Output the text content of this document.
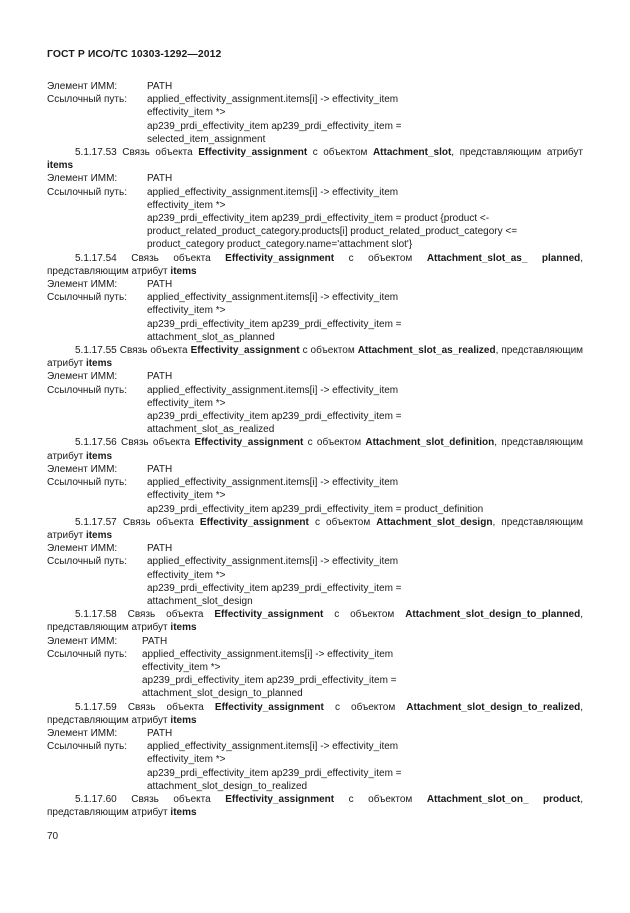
ГОСТ Р ИСО/ТС 10303-1292—2012
Элемент ИММ:	PATH
Ссылочный путь:	applied_effectivity_assignment.items[i] -> effectivity_item
effectivity_item *>
ap239_prdi_effectivity_item ap239_prdi_effectivity_item =
selected_item_assignment

5.1.17.53 Связь объекта Effectivity_assignment с объектом Attachment_slot, представляющим атрибут items

Элемент ИММ:	PATH
Ссылочный путь:	applied_effectivity_assignment.items[i] -> effectivity_item
effectivity_item *>
ap239_prdi_effectivity_item ap239_prdi_effectivity_item = product {product <-
product_related_product_category.products[i] product_related_product_category <=
product_category product_category.name='attachment slot'}

5.1.17.54 Связь объекта Effectivity_assignment с объектом Attachment_slot_as_ planned, представляющим атрибут items

Элемент ИММ:	PATH
Ссылочный путь:	applied_effectivity_assignment.items[i] -> effectivity_item
effectivity_item *>
ap239_prdi_effectivity_item ap239_prdi_effectivity_item =
attachment_slot_as_planned

5.1.17.55 Связь объекта Effectivity_assignment с объектом Attachment_slot_as_realized, представляющим атрибут items

Элемент ИММ:	PATH
Ссылочный путь:	applied_effectivity_assignment.items[i] -> effectivity_item
effectivity_item *>
ap239_prdi_effectivity_item ap239_prdi_effectivity_item =
attachment_slot_as_realized

5.1.17.56 Связь объекта Effectivity_assignment с объектом Attachment_slot_definition, представляющим атрибут items

Элемент ИММ:	PATH
Ссылочный путь:	applied_effectivity_assignment.items[i] -> effectivity_item
effectivity_item *>
ap239_prdi_effectivity_item ap239_prdi_effectivity_item = product_definition

5.1.17.57 Связь объекта Effectivity_assignment с объектом Attachment_slot_design, представляющим атрибут items

Элемент ИММ:	PATH
Ссылочный путь:	applied_effectivity_assignment.items[i] -> effectivity_item
effectivity_item *>
ap239_prdi_effectivity_item ap239_prdi_effectivity_item =
attachment_slot_design

5.1.17.58 Связь объекта Effectivity_assignment с объектом Attachment_slot_design_to_planned, представляющим атрибут items

Элемент ИММ:	PATH
Ссылочный путь:	applied_effectivity_assignment.items[i] -> effectivity_item
effectivity_item *>
ap239_prdi_effectivity_item ap239_prdi_effectivity_item =
attachment_slot_design_to_planned

5.1.17.59 Связь объекта Effectivity_assignment с объектом Attachment_slot_design_to_realized, представляющим атрибут items

Элемент ИММ:	PATH
Ссылочный путь:	applied_effectivity_assignment.items[i] -> effectivity_item
effectivity_item *>
ap239_prdi_effectivity_item ap239_prdi_effectivity_item =
attachment_slot_design_to_realized

5.1.17.60 Связь объекта Effectivity_assignment с объектом Attachment_slot_on_ product, представляющим атрибут items

70
